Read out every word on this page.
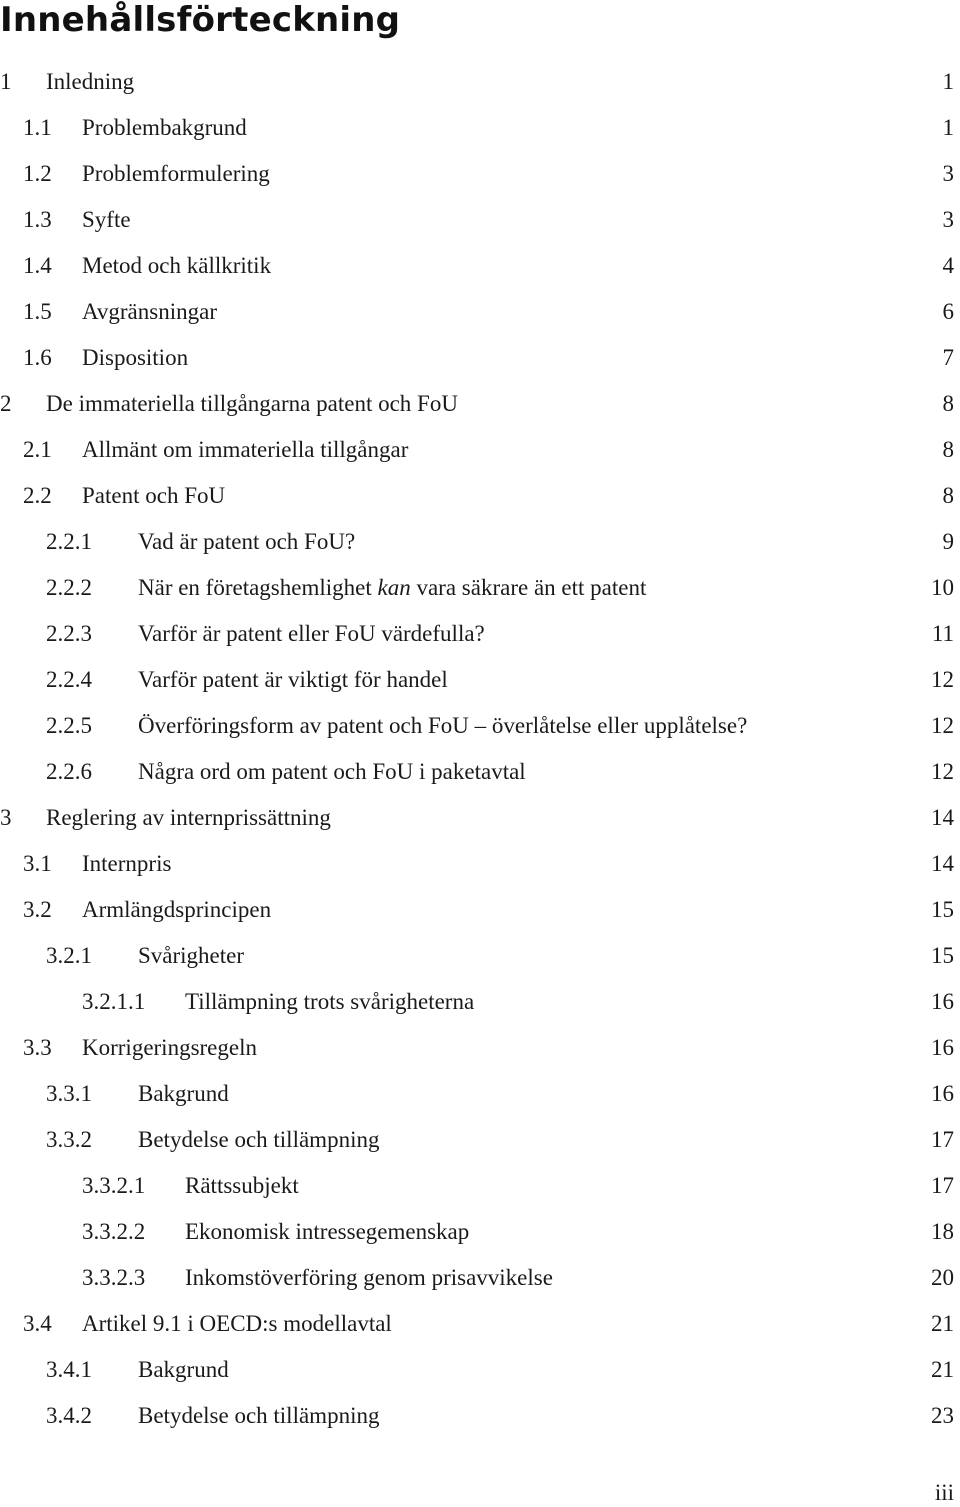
Innehållsförteckning
1 Inledning	1
1.1 Problembakgrund	1
1.2 Problemformulering	3
1.3 Syfte	3
1.4 Metod och källkritik	4
1.5 Avgränsningar	6
1.6 Disposition	7
2 De immateriella tillgångarna patent och FoU	8
2.1 Allmänt om immateriella tillgångar	8
2.2 Patent och FoU	8
2.2.1 Vad är patent och FoU?	9
2.2.2 När en företagshemlighet kan vara säkrare än ett patent	10
2.2.3 Varför är patent eller FoU värdefulla?	11
2.2.4 Varför patent är viktigt för handel	12
2.2.5 Överföringsform av patent och FoU – överlåtelse eller upplåtelse?	12
2.2.6 Några ord om patent och FoU i paketavtal	12
3 Reglering av internprissättning	14
3.1 Internpris	14
3.2 Armlängdsprincipen	15
3.2.1 Svårigheter	15
3.2.1.1 Tillämpning trots svårigheterna	16
3.3 Korrigeringsregeln	16
3.3.1 Bakgrund	16
3.3.2 Betydelse och tillämpning	17
3.3.2.1 Rättssubjekt	17
3.3.2.2 Ekonomisk intressegemenskap	18
3.3.2.3 Inkomstöverföring genom prisavvikelse	20
3.4 Artikel 9.1 i OECD:s modellavtal	21
3.4.1 Bakgrund	21
3.4.2 Betydelse och tillämpning	23
iii
